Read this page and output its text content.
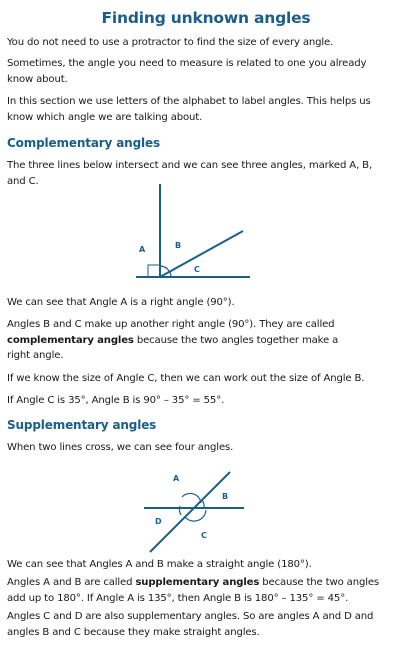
Finding unknown angles

You do not need to use a protractor to find the size of every angle.

Sometimes, the angle you need to measure is related to one you already know about.

In this section we use letters of the alphabet to label angles. This helps us know which angle we are talking about.

Complementary angles

The three lines below intersect and we can see three angles, marked A, B, and C.

A	B
C

We can see that Angle A is a right angle (90°).

Angles B and C make up another right angle (90°). They are called complementary angles because the two angles together make a right angle.

If we know the size of Angle C, then we can work out the size of Angle B.

If Angle C is 35°, Angle B is 90° – 35° = 55°.

Supplementary angles

When two lines cross, we can see four angles.

A
B
C
D

We can see that Angles A and B make a straight angle (180°).

Angles A and B are called supplementary angles because the two angles add up to 180°. If Angle A is 135°, then Angle B is 180° – 135° = 45°.

Angles C and D are also supplementary angles. So are angles A and D and angles B and C because they make straight angles.
